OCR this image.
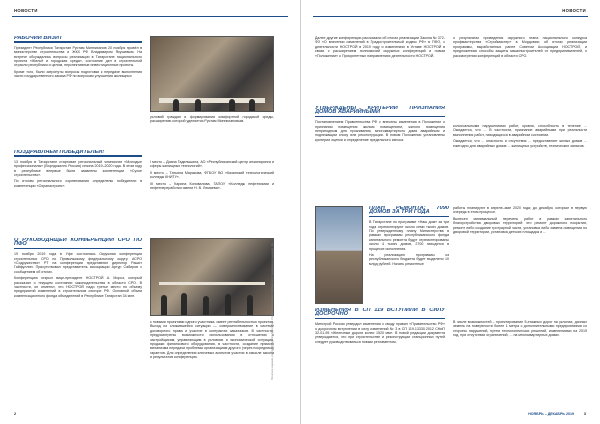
НОВОСТИ
РАБОЧИЙ ВИЗИТ

Президент Республики Татарстан Рустам Минниханов 20 ноября провёл в министерстве строительства и ЖКХ РФ Владимиром Якушевым. На встрече обсуждались вопросы реализации в Татарстане национального проекта «Жильё и городская среда», состояние дел в строительной отрасли республики и целом, перспективные инвестиционные проекты.

Кроме того, были затронуты вопросы подготовки к передаче выполнения части государственного заказа РФ по вопросам улучшения жилищных

условий граждан и формирования комфортной городской среды, расширению которой уделяется Рустам Миннихановым.

ПОЗДРАВЛЯЕМ ПОБЕДИТЕЛЕЙ!

13 ноября в Татарстане стартовал региональный чемпионат «Молодые профессионалы» (Ворлдскиллс Россия) сезона 2019–2020 года. В этом году в республике впервые были заявлены компетенции «Сухое строительство».

По итогам регионального соревнования определены победители в компетенции «Охранастроек»:

I место – Диана Гадельшина, АО «Республиканский центр инжиниринга и сферы жилищных технологий».

II место – Татьяна Маракова, ФГБОУ ВО «Казанский технологический колледж КНИТУ».

III место – Карина Коновалова, ГАПОУ «Колледж нефтехимии и нефтепереработки имени Н. В. Лемаева».

О РУКОВОДЯЩЕЙ КОНФЕРЕНЦИИ СРО ПО ПФО

19 ноября 2019 года в Уфе состоялась Окружная конференция строительных СРО по Приволжскому федеральному округу. АСРО «Содружество» РТ на конференции представлял директор Рашит Гайфуллин. Присутствовал представитель ассоциации Артур Сабиров с сообщением об итогах.

Конференцию открыл вице-президент НОСТРОЙ А. Мороз, который рассказал о текущем состоянии законодательства в области СРО. В частности, он отметил, что НОСТРОЙ надо третье место по объему предприятий изменений в строительном секторе РФ. Основной объем компенсационного фонда объединений в Республике Татарстан 34 млн.

с новыми проектами одного участника, имеет рентабельностью проектов. Выход из сложившейся ситуации — совершенствование в системе договорного права и участие в контрактах заказчиков. В частности, предусмотрены возможности использования в отношении к застройщикам, управляющим в условиях и экономической ситуации, продажи финансового оборудования, в частности, создание прямого механизма передачи проблемы организациям другого (через посредника) гарантов. Для определения ключевых аспектов участия в смысле закона и результатов конференции.	Печатное издание, распространяется бесплатно. Статьи и фотографии публикуются с разрешения редакции. 12+
2
НОВОСТИ

Далее другие конференции рассказали об итогах реализации Закона № 372-ФЗ «О внесении изменений в Градостроительный кодекс РФ» в ПФО, с деятельности НОСТРОЙ в 2019 году и изменениях в Уставе НОСТРОЙ в связи с расширением полномочий окружных конференций и новом «Положении» о Приоритетных направлениях деятельности НОСТРОЙ.

о результатах проведения окружного этапа национального конкурса профмастерства «Строймастер» в Мордовии; об итогах реализации программы, выработанных ранее Советом Ассоциации НОСТРОЙ, и предложениях способы защиты машиностроителей от предпринимателей, о рассмотрении конференций в области СРО.

УТВЕРЖДЕНЫ КРИТЕРИИ ПРИЗНАНИЯ ДОМОВ АВАРИЙНЫМИ

Постановлением Правительства РФ с внесены изменения в Положение о признании помещения жилым помещением, жилого помещения непригодным для проживания, многоквартирного дома аварийным и подлежащим сносу или реконструкции. В новом Положении установлены критерии оценки и определение предельного износа.

колоссальными нарушениями работ, кровля, способность в течение ... Ожидается, что ... В частности, признание аварийными при реальности выполнения работ, находящихся в аварийном состоянии.

Ожидается, что ... опасность и отсутствия ... предоставляет жилых домов ... ежегодно для аварийных домов ... жилищных устройств, технических запасов.

ПЛАН РЕМОНТА: 7090 ДОМОВ ЗА ТРИ ГОДА

В Татарстане по программе «Наш дом» за три года отремонтируют около семи тысяч домов. По утвержденному плану Министерства в рамках программы республиканского фонда капитального ремонта будут отремонтированы около 4 тысяч домов, 2700 находятся в процессе исполнения.

На реализацию программы из республиканского бюджета будет выделено 10 млрд рублей. Начать ремонтные

работы планируют в апреле–мае 2020 года; до декабря, которые в первую очередь в этом процессе.

Вынесен минимальный перечень работ в рамках капитального благоустройства дворовых территорий: это ремонт дорожного покрытия, ремонт либо создание тротуарной части, установка либо замена освещения по дворовой территории, установка детских площадок и ...

ИЗМЕНЕНИЯ В СП 119 ВСТУПИЛИ В СИЛУ ДОСРОЧНО

Минстрой России утвердил изменения к своду правил «Правительство РФ» о досрочном вступлении в силу изменений № 3 в СП 119.13330.2012 СНиП 32-01-95 «Железные дороги колеи 1520 мм». В новой редакции документа утверждается, что при строительстве и реконструкции станционных путей следует руководствоваться новым регламентом.

В числе возможностей – проектирование 5-этажных дорог на уклонах, дачных земель на поверхности более 1 метра с дополнительными предприятиями со стороны нарушений, путем технологических решений, изменениями на 2019 год, при отсутствии ограничений, ... на многоквартирных домах.

НОЯБРЬ – ДЕКАБРЬ 2019 3
